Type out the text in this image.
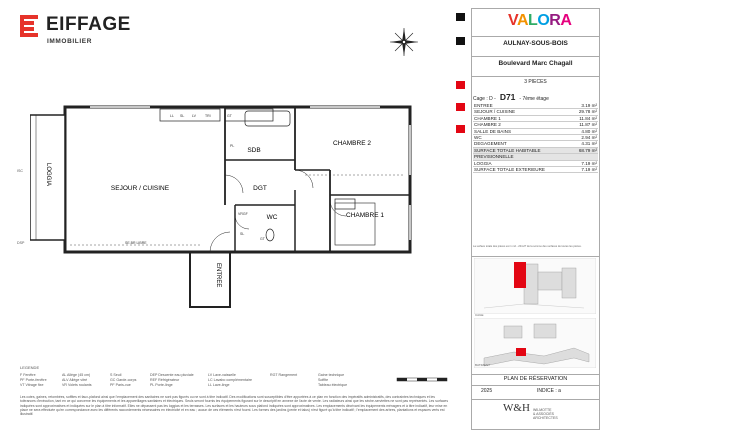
EIFFAGE
IMMOBILIER
SEJOUR / CUISINE
CHAMBRE 2
CHAMBRE 1
SDB
DGT
WC
ENTREE
LOGGIA
LL SL LV	TRI	GT
PL
VRGF
SL
GT
SE.BR LIBRE
ISC
DSP
LEGENDE
F Fenêtre
PF Porte-fenêtre
VT Vitrage fixe
AL Allège (45 cm)
ALV Allège vitré
VR Volets roulants
S Seuil
GC Garde-corps
PF Paris-vue
DEP Descente eau pluviale
REF Réfrigérateur
PL Porte-linge
LV Lave-vaisselle
LC Lavabo complémentaire
LL Lave-linge
RGT Rangement	Gaine technique
Soffite
Tableau électrique
Les cotes, gaines, retombées, soffites et faux-plafond ainsi que l'emplacement des sanitaires ne sont pas figurés ou ne sont à titre indicatif. Des modifications sont susceptibles d'être apportées à ce plan en fonction des impératifs administratifs, des contraintes techniques et les tolérances d'exécution, tant en ce qui concerne les équipements et les appareillages sanitaires et électriques. Seuls seront fournis les équipements figurant sur le descriptif en annexe de l'acte de vente. Les radiateurs ainsi que les sèche-serviettes ne sont pas représentés. Les surfaces indiquées sont approximatives et indiquées sur le plan à titre informatif. Elles ne dépassent pas les loggias et les terrasses. Les surfaces et les hauteurs sous plafond indiquées sont approximatives. Les emplacements décrivant les équipements ménagers et à titre indicatif, leur mise en place ne sera effectuée qu'en correspondance avec les différents raccordements nécessaires en électricité et en eau ; aucun de ces éléments n'est fourni. Les formes des jardins (pente et talus) n'est figuré qu'à titre indicatif ; l'emplacement des arbres, plantations et espaces verts est illustratif.
VALORA
AULNAY-SOUS-BOIS
Boulevard Marc Chagall
3 PIECES
Cage :
D
- D71 - 7ème étage
ENTREE	3.19 m²
SEJOUR / CUISINE	29.78 m²
CHAMBRE 1	11.84 m²
CHAMBRE 2	11.87 m²
SALLE DE BAINS	4.80 m²
WC	2.94 m²
DEGAGEMENT	4.31 m²
SURFACE TOTALE HABITABLE	68.79 m²
PREVISIONNELLE	
LOGGIA	7.19 m²
SURFACE TOTALE EXTERIEURE	7.19 m²
La surface totale des pièces est 1 m2 - 20m2? de la somme des surfaces de toutes les pièces.
CAGE
BATIMENT
PLAN DE RÉSERVATION
2025	INDICE : a
W&H WILMOTTE
& ASSOCIÉS
ARCHITECTES
